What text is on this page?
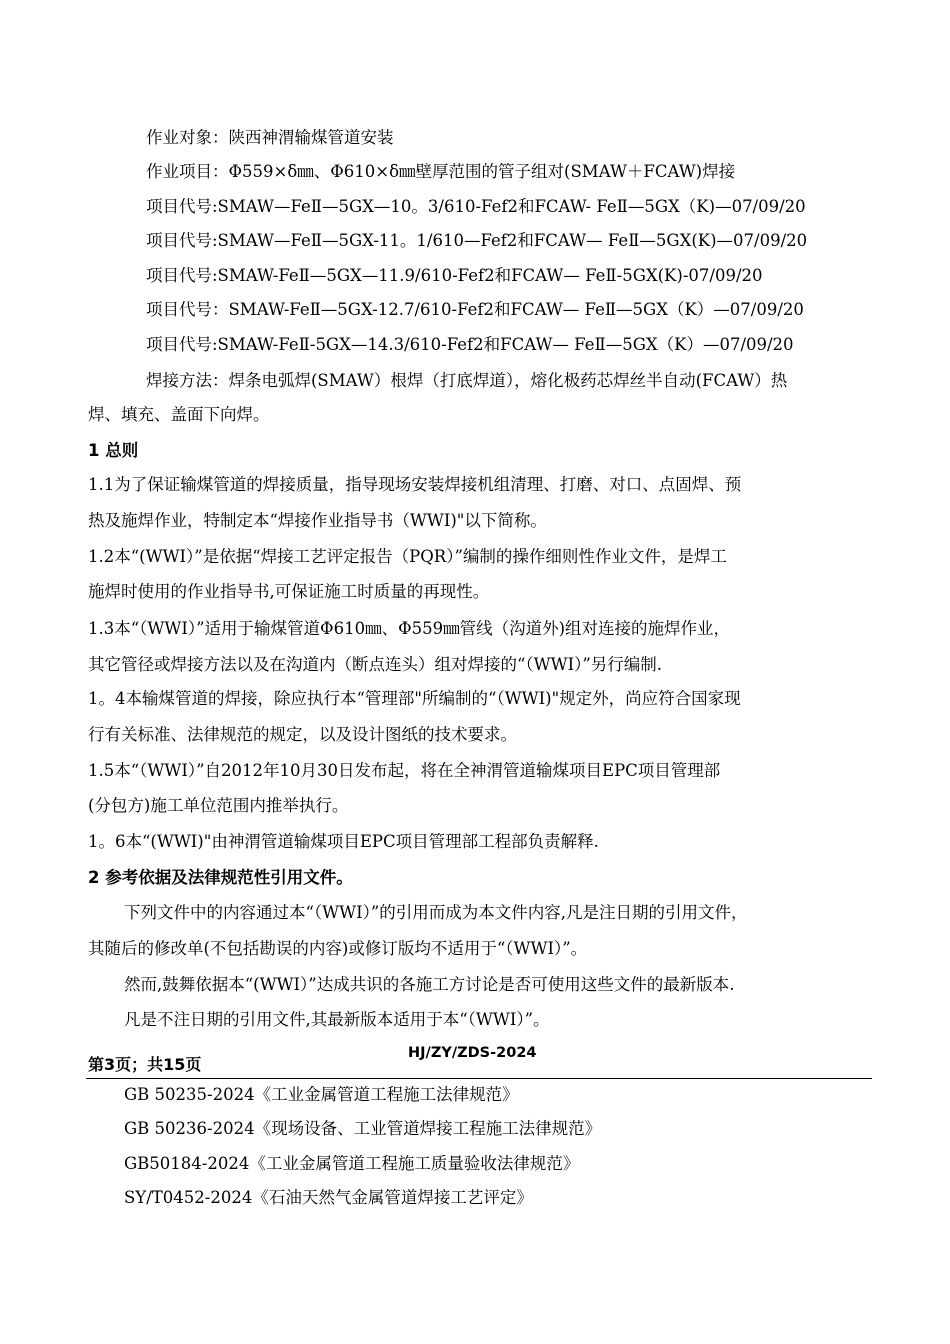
作业对象：陕西神渭输煤管道安装
作业项目：Φ559×δ㎜、Φ610×δ㎜壁厚范围的管子组对(SMAW＋FCAW)焊接
项目代号:SMAW—FeⅡ—5GX—10。3/610-Fef2和FCAW- FeⅡ—5GX（K)—07/09/20
项目代号:SMAW—FeⅡ—5GX-11。1/610—Fef2和FCAW— FeⅡ—5GX(K)—07/09/20
项目代号:SMAW-FeⅡ—5GX—11.9/610-Fef2和FCAW— FeⅡ-5GX(K)-07/09/20
项目代号：SMAW-FeⅡ—5GX-12.7/610-Fef2和FCAW— FeⅡ—5GX（K）—07/09/20
项目代号:SMAW-FeⅡ-5GX—14.3/610-Fef2和FCAW— FeⅡ—5GX（K）—07/09/20
焊接方法：焊条电弧焊(SMAW）根焊（打底焊道），熔化极药芯焊丝半自动(FCAW）热
焊、填充、盖面下向焊。
1 总则
1.1为了保证输煤管道的焊接质量，指导现场安装焊接机组清理、打磨、对口、点固焊、预
热及施焊作业，特制定本“焊接作业指导书（WWI)"以下简称。
1.2本“(WWI）”是依据“焊接工艺评定报告（PQR）”编制的操作细则性作业文件，是焊工
施焊时使用的作业指导书,可保证施工时质量的再现性。
1.3本“（WWI）”适用于输煤管道Φ610㎜、Φ559㎜管线（沟道外)组对连接的施焊作业，
其它管径或焊接方法以及在沟道内（断点连头）组对焊接的“（WWI）”另行编制.
1。4本输煤管道的焊接，除应执行本“管理部"所编制的“（WWI)"规定外，尚应符合国家现
行有关标准、法律规范的规定，以及设计图纸的技术要求。
1.5本“（WWI）”自2012年10月30日发布起，将在全神渭管道输煤项目EPC项目管理部
(分包方)施工单位范围内推举执行。
1。6本“(WWI)"由神渭管道输煤项目EPC项目管理部工程部负责解释.
2 参考依据及法律规范性引用文件。
下列文件中的内容通过本“（WWI）”的引用而成为本文件内容,凡是注日期的引用文件，
其随后的修改单(不包括勘误的内容)或修订版均不适用于“（WWI）”。
然而,鼓舞依据本“(WWI）”达成共识的各施工方讨论是否可使用这些文件的最新版本.
凡是不注日期的引用文件,其最新版本适用于本“（WWI）”。
HJ/ZY/ZDS-2024
第3页；共15页
GB 50235-2024《工业金属管道工程施工法律规范》
GB 50236-2024《现场设备、工业管道焊接工程施工法律规范》
GB50184-2024《工业金属管道工程施工质量验收法律规范》
SY/T0452-2024《石油天然气金属管道焊接工艺评定》
